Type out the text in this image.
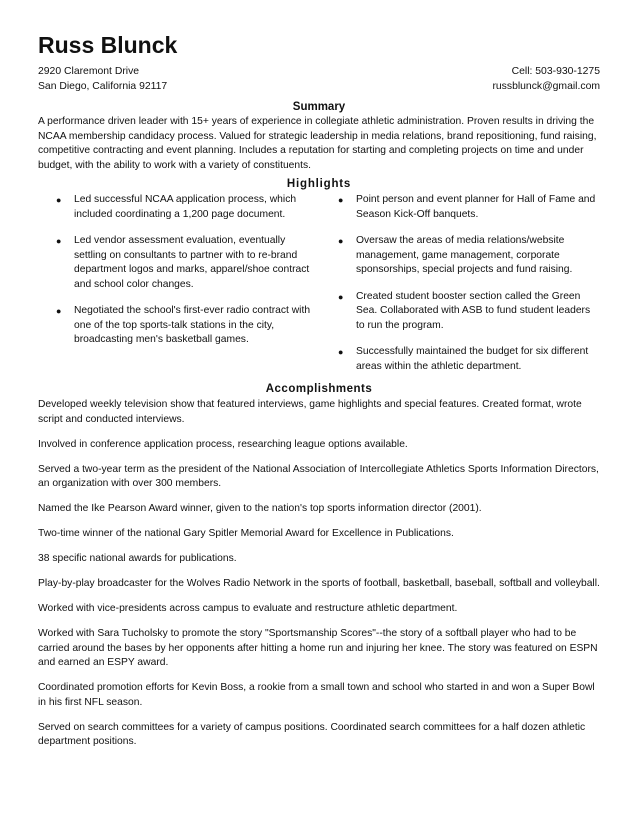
Russ Blunck
2920 Claremont Drive	Cell: 503-930-1275
San Diego, California 92117	russblunck@gmail.com
Summary

A performance driven leader with 15+ years of experience in collegiate athletic administration. Proven results in driving the NCAA membership candidacy process. Valued for strategic leadership in media relations, brand repositioning, fund raising, competitive contracting and event planning. Includes a reputation for starting and completing projects on time and under budget, with the ability to work with a variety of constituents.

Highlights
● Led successful NCAA application process, which included coordinating a 1,200 page document.
● Led vendor assessment evaluation, eventually settling on consultants to partner with to re-brand department logos and marks, apparel/shoe contract and school color changes.
● Negotiated the school's first-ever radio contract with one of the top sports-talk stations in the city, broadcasting men's basketball games.
● Point person and event planner for Hall of Fame and Season Kick-Off banquets.
● Oversaw the areas of media relations/website management, game management, corporate sponsorships, special projects and fund raising.
● Created student booster section called the Green Sea. Collaborated with ASB to fund student leaders to run the program.
● Successfully maintained the budget for six different areas within the athletic department.
Accomplishments
Developed weekly television show that featured interviews, game highlights and special features. Created format, wrote script and conducted interviews.
Involved in conference application process, researching league options available.
Served a two-year term as the president of the National Association of Intercollegiate Athletics Sports Information Directors, an organization with over 300 members.
Named the Ike Pearson Award winner, given to the nation's top sports information director (2001).
Two-time winner of the national Gary Spitler Memorial Award for Excellence in Publications.
38 specific national awards for publications.
Play-by-play broadcaster for the Wolves Radio Network in the sports of football, basketball, baseball, softball and volleyball.
Worked with vice-presidents across campus to evaluate and restructure athletic department.
Worked with Sara Tucholsky to promote the story "Sportsmanship Scores"--the story of a softball player who had to be carried around the bases by her opponents after hitting a home run and injuring her knee. The story was featured on ESPN and earned an ESPY award.
Coordinated promotion efforts for Kevin Boss, a rookie from a small town and school who started in and won a Super Bowl in his first NFL season.
Served on search committees for a variety of campus positions. Coordinated search committees for a half dozen athletic department positions.
